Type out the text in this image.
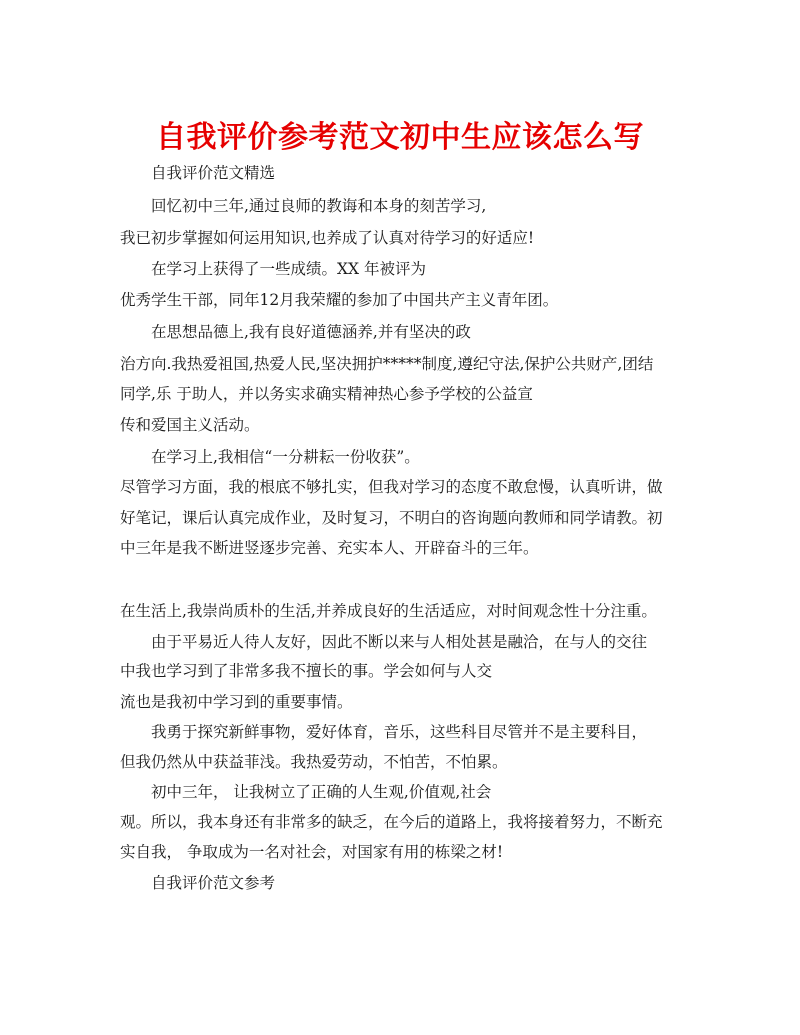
自我评价参考范文初中生应该怎么写
自我评价范文精选
回忆初中三年,通过良师的教诲和本身的刻苦学习,
我已初步掌握如何运用知识,也养成了认真对待学习的好适应!
在学习上获得了一些成绩。XX 年被评为
优秀学生干部，同年12月我荣耀的参加了中国共产主义青年团。
在思想品德上,我有良好道德涵养,并有坚决的政
治方向.我热爱祖国,热爱人民,坚决拥护*****制度,遵纪守法,保护公共财产,团结
同学,乐 于助人，并以务实求确实精神热心参予学校的公益宣
传和爱国主义活动。
在学习上,我相信“一分耕耘一份收获”。
尽管学习方面，我的根底不够扎实，但我对学习的态度不敢怠慢，认真听讲，做
好笔记，课后认真完成作业，及时复习，不明白的咨询题向教师和同学请教。初
中三年是我不断进竖逐步完善、充实本人、开辟奋斗的三年。
在生活上,我崇尚质朴的生活,并养成良好的生活适应，对时间观念性十分注重。
由于平易近人待人友好，因此不断以来与人相处甚是融洽，在与人的交往
中我也学习到了非常多我不擅长的事。学会如何与人交
流也是我初中学习到的重要事情。
我勇于探究新鲜事物，爱好体育，音乐，这些科目尽管并不是主要科目，
但我仍然从中获益菲浅。我热爱劳动，不怕苦，不怕累。
初中三年， 让我树立了正确的人生观,价值观,社会
观。所以，我本身还有非常多的缺乏，在今后的道路上，我将接着努力，不断充
实自我， 争取成为一名对社会，对国家有用的栋梁之材!
自我评价范文参考
